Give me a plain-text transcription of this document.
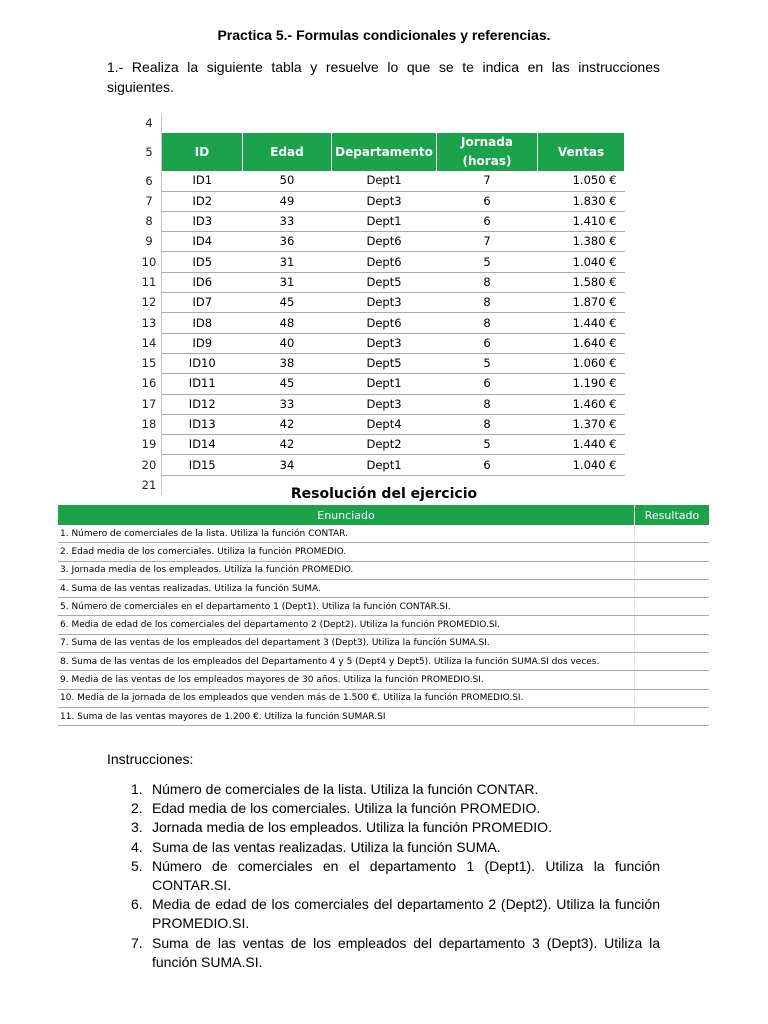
Practica 5.- Formulas condicionales y referencias.
1.- Realiza la siguiente tabla y resuelve lo que se te indica en las instrucciones siguientes.
4					
5	ID	Edad	Departamento	Jornada (horas)	Ventas
6	ID1	50	Dept1	7	1.050 €
7	ID2	49	Dept3	6	1.830 €
8	ID3	33	Dept1	6	1.410 €
9	ID4	36	Dept6	7	1.380 €
10	ID5	31	Dept6	5	1.040 €
11	ID6	31	Dept5	8	1.580 €
12	ID7	45	Dept3	8	1.870 €
13	ID8	48	Dept6	8	1.440 €
14	ID9	40	Dept3	6	1.640 €
15	ID10	38	Dept5	5	1.060 €
16	ID11	45	Dept1	6	1.190 €
17	ID12	33	Dept3	8	1.460 €
18	ID13	42	Dept4	8	1.370 €
19	ID14	42	Dept2	5	1.440 €
20	ID15	34	Dept1	6	1.040 €
21					
Resolución del ejercicio
Enunciado	Resultado
1. Número de comerciales de la lista. Utiliza la función CONTAR.	
2. Edad media de los comerciales. Utiliza la función PROMEDIO.	
3. Jornada media de los empleados. Utiliza la función PROMEDIO.	
4. Suma de las ventas realizadas. Utiliza la función SUMA.	
5. Número de comerciales en el departamento 1 (Dept1). Utiliza la función CONTAR.SI.	
6. Media de edad de los comerciales del departamento 2 (Dept2). Utiliza la función PROMEDIO.SI.	
7. Suma de las ventas de los empleados del departament 3 (Dept3). Utiliza la función SUMA.SI.	
8. Suma de las ventas de los empleados del Departamento 4 y 5 (Dept4 y Dept5). Utiliza la función SUMA.SI dos veces.	
9. Media de las ventas de los empleados mayores de 30 años. Utiliza la función PROMEDIO.SI.	
10. Media de la jornada de los empleados que venden más de 1.500 €. Utiliza la función PROMEDIO.SI.	
11. Suma de las ventas mayores de 1.200 €. Utiliza la función SUMAR.SI	
Instrucciones:
1. Número de comerciales de la lista. Utiliza la función CONTAR.
2. Edad media de los comerciales. Utiliza la función PROMEDIO.
3. Jornada media de los empleados. Utiliza la función PROMEDIO.
4. Suma de las ventas realizadas. Utiliza la función SUMA.
5. Número de comerciales en el departamento 1 (Dept1). Utiliza la función CONTAR.SI.
6. Media de edad de los comerciales del departamento 2 (Dept2). Utiliza la función PROMEDIO.SI.
7. Suma de las ventas de los empleados del departamento 3 (Dept3). Utiliza la función SUMA.SI.
